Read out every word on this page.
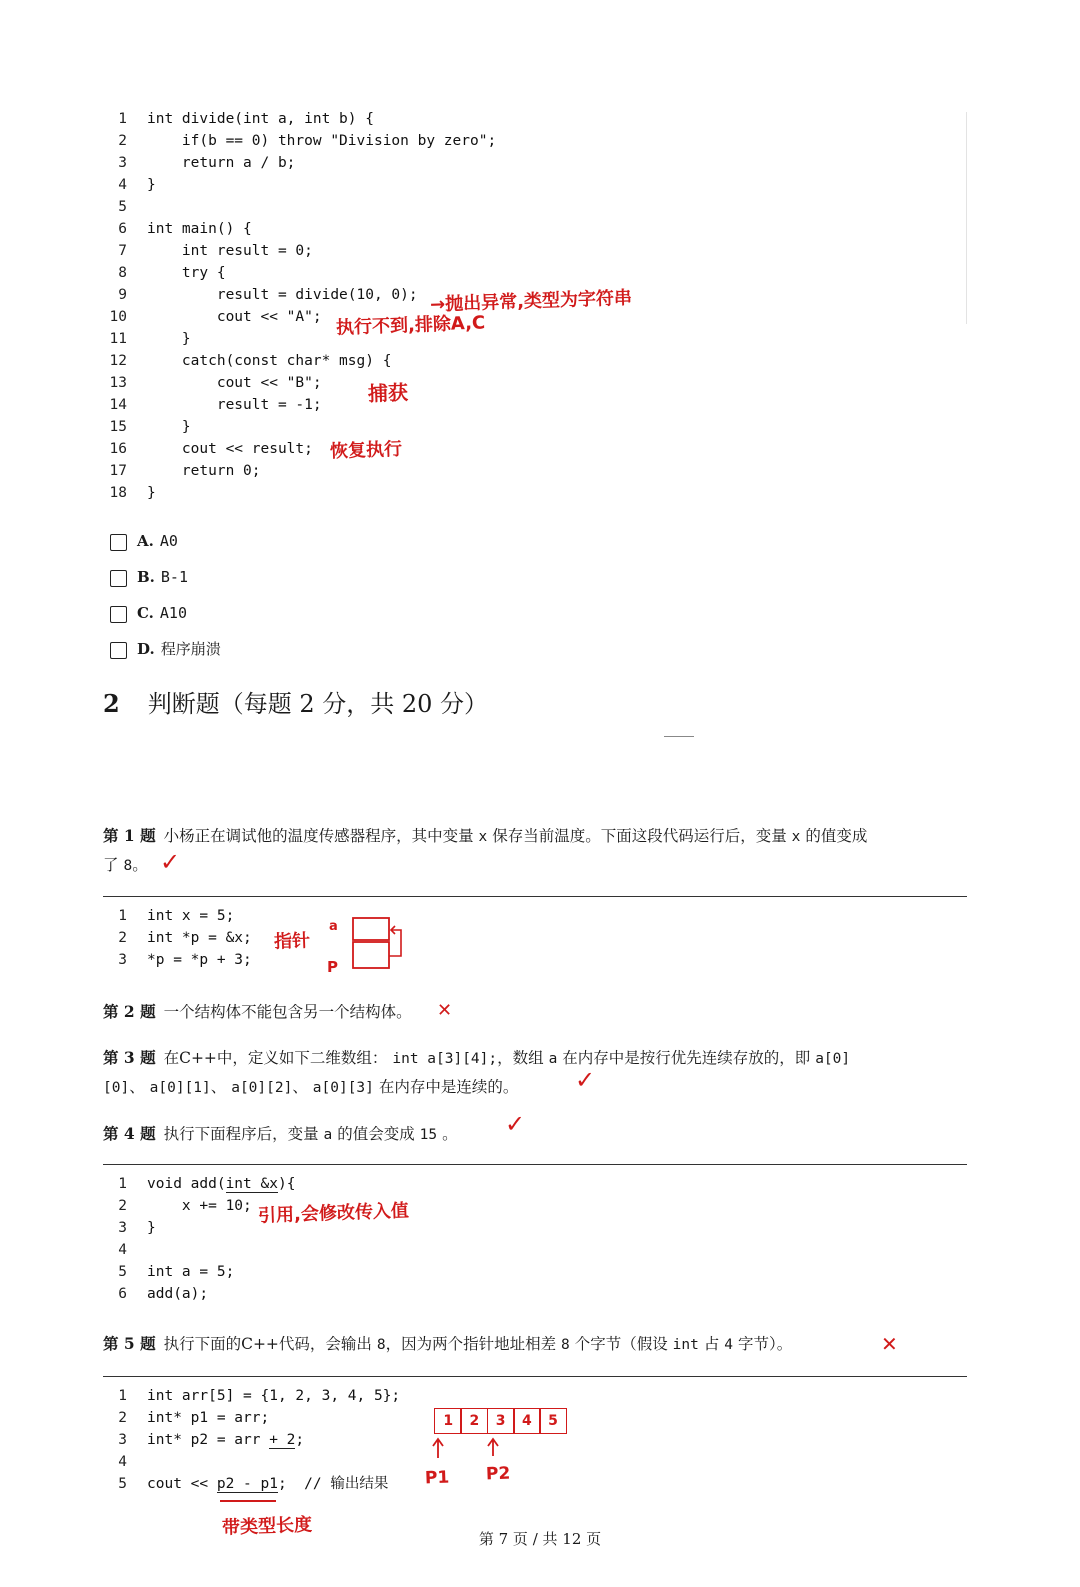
1 int divide(int a, int b) {
2    if(b == 0) throw "Division by zero";
3    return a / b;
4 }
5
6 int main() {
7    int result = 0;
8    try {
9        result = divide(10, 0);
10        cout << "A";
11    }
12    catch(const char* msg) {
13        cout << "B";
14        result = -1;
15    }
16    cout << result;
17    return 0;
18 }
→抛出异常,类型为字符串
执行不到,排除A,C
捕获
恢复执行
A. A0
B. B-1
C. A10
D. 程序崩溃
2 判断题（每题 2 分，共 20 分）
第 1 题 小杨正在调试他的温度传感器程序，其中变量 x 保存当前温度。下面这段代码运行后，变量 x 的值变成
了 8。 ✓
1 int x = 5;
2 int *p = &x;
3 *p = *p + 3;
指针
a
P
第 2 题 一个结构体不能包含另一个结构体。	✕
第 3 题 在C++中，定义如下二维数组： int a[3][4];，数组 a 在内存中是按行优先连续存放的，即 a[0]
[0]、 a[0][1]、 a[0][2]、 a[0][3] 在内存中是连续的。	✓
第 4 题 执行下面程序后，变量 a 的值会变成 15 。	✓
1 void add(int &x){
2    x += 10;
3 }
4
5 int a = 5;
6 add(a);
引用,会修改传入值
第 5 题 执行下面的C++代码，会输出 8，因为两个指针地址相差 8 个字节（假设 int 占 4 字节）。	✕
1 int arr[5] = {1, 2, 3, 4, 5};
2 int* p1 = arr;
3 int* p2 = arr + 2;
4
5 cout << p2 - p1;  // 输出结果
1	2	3	4	5
P1 P2
带类型长度
第 7 页 / 共 12 页
